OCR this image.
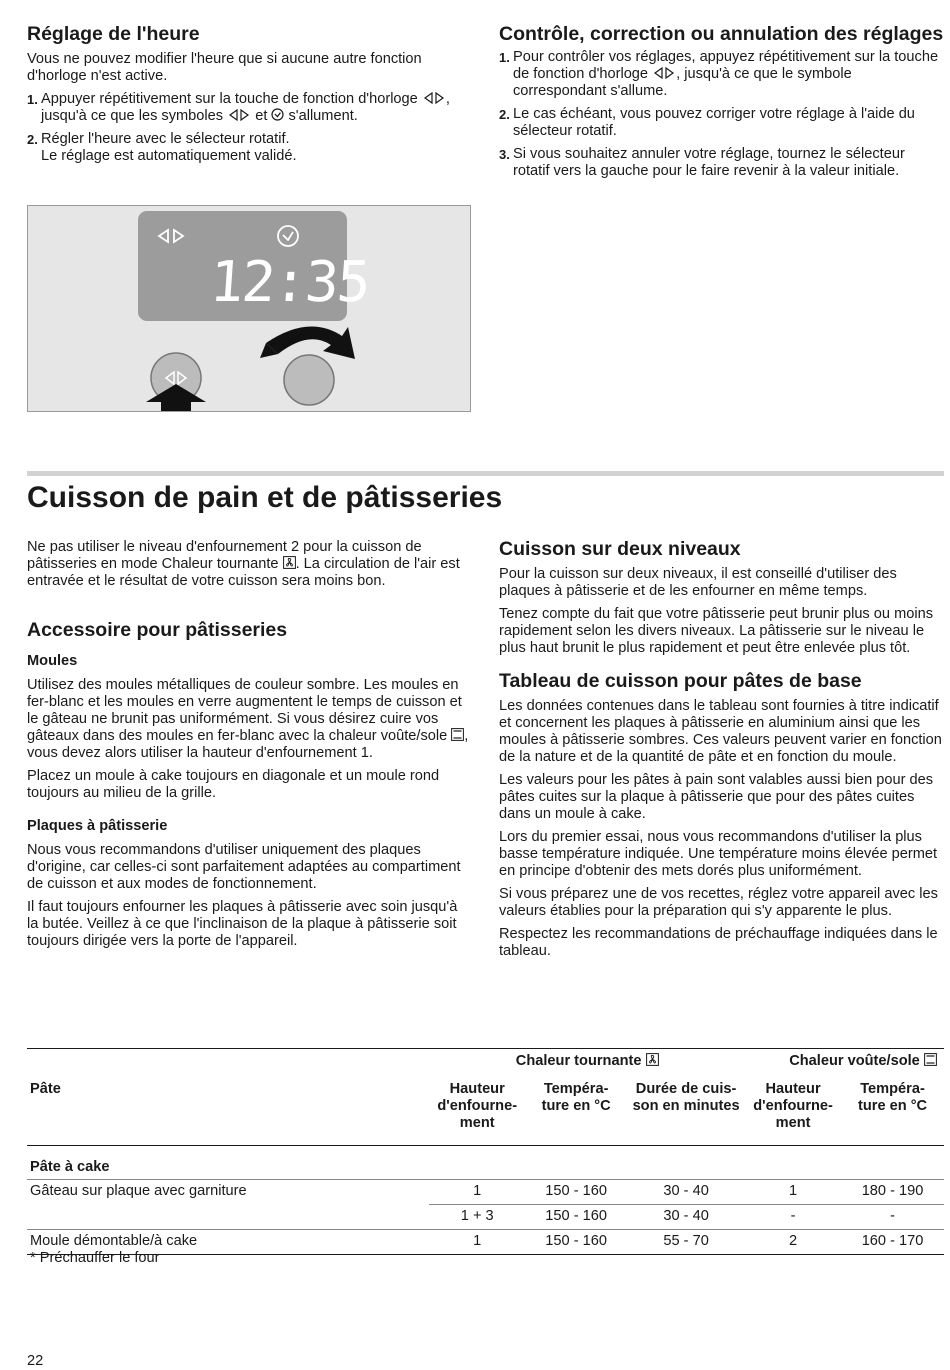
Réglage de l'heure

Vous ne pouvez modifier l'heure que si aucune autre fonction d'horloge n'est active.

1. Appuyer répétitivement sur la touche de fonction d'horloge , jusqu'à ce que les symboles et s'allument.
2. Régler l'heure avec le sélecteur rotatif.
Le réglage est automatiquement validé.
12:35
Contrôle, correction ou annulation des réglages
1. Pour contrôler vos réglages, appuyez répétitivement sur la touche de fonction d'horloge , jusqu'à ce que le symbole correspondant s'allume.
2. Le cas échéant, vous pouvez corriger votre réglage à l'aide du sélecteur rotatif.
3. Si vous souhaitez annuler votre réglage, tournez le sélecteur rotatif vers la gauche pour le faire revenir à la valeur initiale.
Cuisson de pain et de pâtisseries

Ne pas utiliser le niveau d'enfournement 2 pour la cuisson de pâtisseries en mode Chaleur tournante . La circulation de l'air est entravée et le résultat de votre cuisson sera moins bon.

Accessoire pour pâtisseries
Moules

Utilisez des moules métalliques de couleur sombre. Les moules en fer-blanc et les moules en verre augmentent le temps de cuisson et le gâteau ne brunit pas uniformément. Si vous désirez cuire vos gâteaux dans des moules en fer-blanc avec la chaleur voûte/sole , vous devez alors utiliser la hauteur d'enfournement 1.

Placez un moule à cake toujours en diagonale et un moule rond toujours au milieu de la grille.

Plaques à pâtisserie

Nous vous recommandons d'utiliser uniquement des plaques d'origine, car celles-ci sont parfaitement adaptées au compartiment de cuisson et aux modes de fonctionnement.

Il faut toujours enfourner les plaques à pâtisserie avec soin jusqu'à la butée. Veillez à ce que l'inclinaison de la plaque à pâtisserie soit toujours dirigée vers la porte de l'appareil.

Cuisson sur deux niveaux

Pour la cuisson sur deux niveaux, il est conseillé d'utiliser des plaques à pâtisserie et de les enfourner en même temps.

Tenez compte du fait que votre pâtisserie peut brunir plus ou moins rapidement selon les divers niveaux. La pâtisserie sur le niveau le plus haut brunit le plus rapidement et peut être enlevée plus tôt.

Tableau de cuisson pour pâtes de base

Les données contenues dans le tableau sont fournies à titre indicatif et concernent les plaques à pâtisserie en aluminium ainsi que les moules à pâtisserie sombres. Ces valeurs peuvent varier en fonction de la nature et de la quantité de pâte et en fonction du moule.

Les valeurs pour les pâtes à pain sont valables aussi bien pour des pâtes cuites sur la plaque à pâtisserie que pour des pâtes cuites dans un moule à cake.

Lors du premier essai, nous vous recommandons d'utiliser la plus basse température indiquée. Une température moins élevée permet en principe d'obtenir des mets dorés plus uniformément.

Si vous préparez une de vos recettes, réglez votre appareil avec les valeurs établies pour la préparation qui s'y apparente le plus.

Respectez les recommandations de préchauffage indiquées dans le tableau.

	Chaleur tournante			Chaleur voûte/sole	
Pâte	Hauteur d'enfourne-ment	Tempéra-ture en °C	Durée de cuis-son en minutes	Hauteur d'enfourne-ment	Tempéra-ture en °C
Pâte à cake					
Gâteau sur plaque avec garniture	1	150 - 160	30 - 40	1	180 - 190
	1 + 3	150 - 160	30 - 40	-	-
Moule démontable/à cake	1	150 - 160	55 - 70	2	160 - 170
* Préchauffer le four
22
